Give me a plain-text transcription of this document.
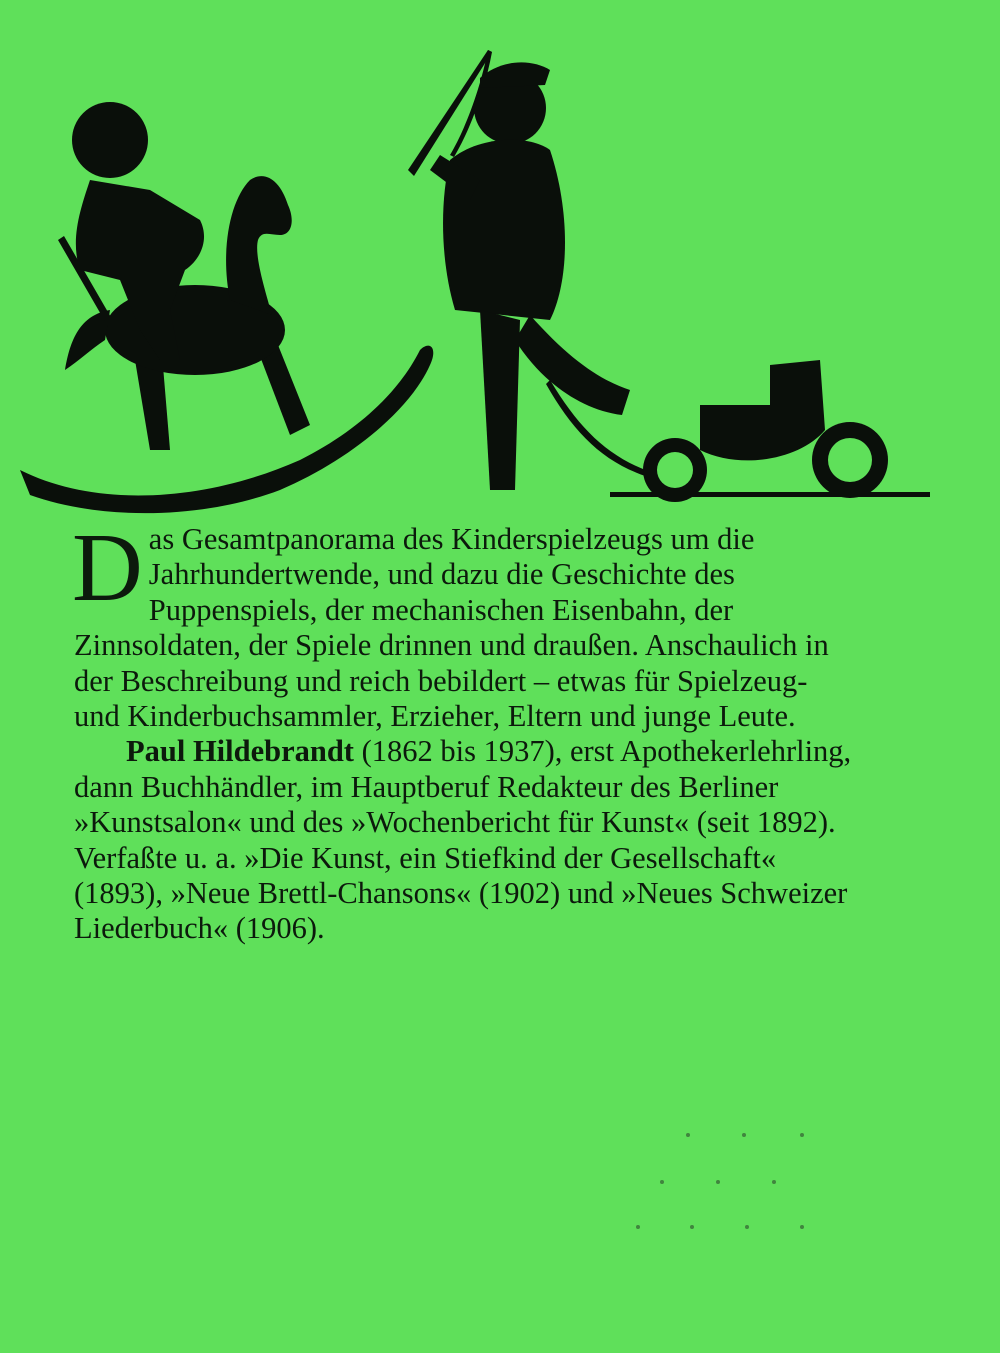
Das Gesamtpanorama des Kinderspielzeugs um die Jahrhundertwende, und dazu die Geschichte des Puppenspiels, der mechanischen Eisenbahn, der Zinnsoldaten, der Spiele drinnen und draußen. Anschaulich in der Beschreibung und reich bebildert – etwas für Spielzeug- und Kinderbuchsammler, Erzieher, Eltern und junge Leute.

Paul Hildebrandt (1862 bis 1937), erst Apothekerlehrling, dann Buchhändler, im Hauptberuf Redakteur des Berliner »Kunstsalon« und des »Wochenbericht für Kunst« (seit 1892). Verfaßte u. a. »Die Kunst, ein Stiefkind der Gesellschaft« (1893), »Neue Brettl-Chansons« (1902) und »Neues Schweizer Liederbuch« (1906).
